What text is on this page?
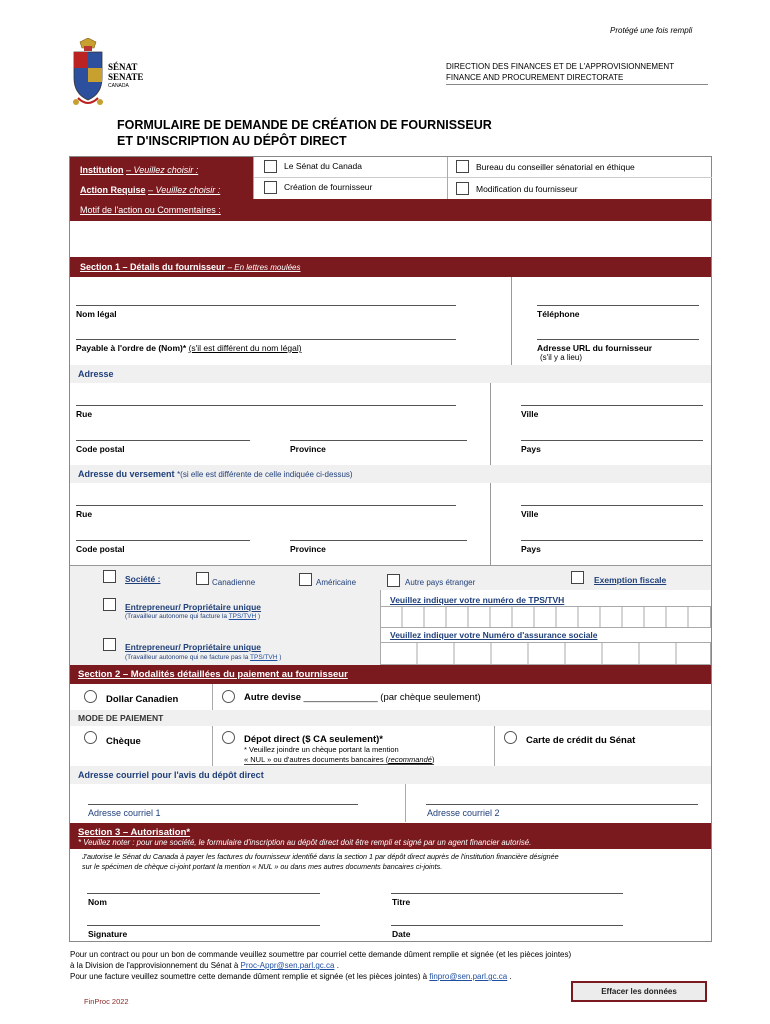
Protégé une fois rempli
SÉNAT
SENATE
CANADA
DIRECTION DES FINANCES ET DE L'APPROVISIONNEMENT
FINANCE AND PROCUREMENT DIRECTORATE
FORMULAIRE DE DEMANDE DE CRÉATION DE FOURNISSEUR
ET D'INSCRIPTION AU DÉPÔT DIRECT
Institution – Veuillez choisir :
Action Requise – Veuillez choisir :
Le Sénat du Canada	Bureau du conseiller sénatorial en éthique
Création de fournisseur	Modification du fournisseur
Motif de l'action ou Commentaires :
Section 1 – Détails du fournisseur – En lettres moulées
Nom légal	Téléphone
Payable à l'ordre de (Nom)* (s'il est différent du nom légal)	Adresse URL du fournisseur
(s'il y a lieu)
Adresse
Rue	Ville
Code postal	Province	Pays
Adresse du versement *(si elle est différente de celle indiquée ci-dessus)
Rue	Ville
Code postal	Province	Pays
Société :	Canadienne	Américaine	Autre pays étranger	Exemption fiscale
Veuillez indiquer votre numéro de TPS/TVH
Entrepreneur/ Propriétaire unique
(Travailleur autonome qui facture la TPS/TVH )
Veuillez indiquer votre Numéro d'assurance sociale
Entrepreneur/ Propriétaire unique
(Travailleur autonome qui ne facture pas la TPS/TVH )
Section 2 – Modalités détaillées du paiement au fournisseur
Dollar Canadien	Autre devise ______________ (par chèque seulement)
MODE DE PAIEMENT
Chèque	Dépot direct ($ CA seulement)*
* Veuillez joindre un chèque portant la mention
« NUL » ou d'autres documents bancaires (recommandé)
Carte de crédit du Sénat
Adresse courriel pour l'avis du dépôt direct
Adresse courriel 1	Adresse courriel 2
Section 3 – Autorisation*
* Veuillez noter : pour une société, le formulaire d'inscription au dépôt direct doit être rempli et signé par un agent financier autorisé.
J'autorise le Sénat du Canada à payer les factures du fournisseur identifié dans la section 1 par dépôt direct auprès de l'institution financière désignée
sur le spécimen de chèque ci-joint portant la mention « NUL » ou dans mes autres documents bancaires ci-joints.
Nom	Titre
Signature	Date
Pour un contract ou pour un bon de commande veuillez soumettre par courriel cette demande dûment remplie et signée (et les pièces jointes)
à la Division de l'approvisionnement du Sénat à Proc-Appr@sen.parl.gc.ca .
Pour une facture veuillez soumettre cette demande dûment remplie et signée (et les pièces jointes) à finpro@sen.parl.gc.ca .
FinProc 2022
Effacer les données
